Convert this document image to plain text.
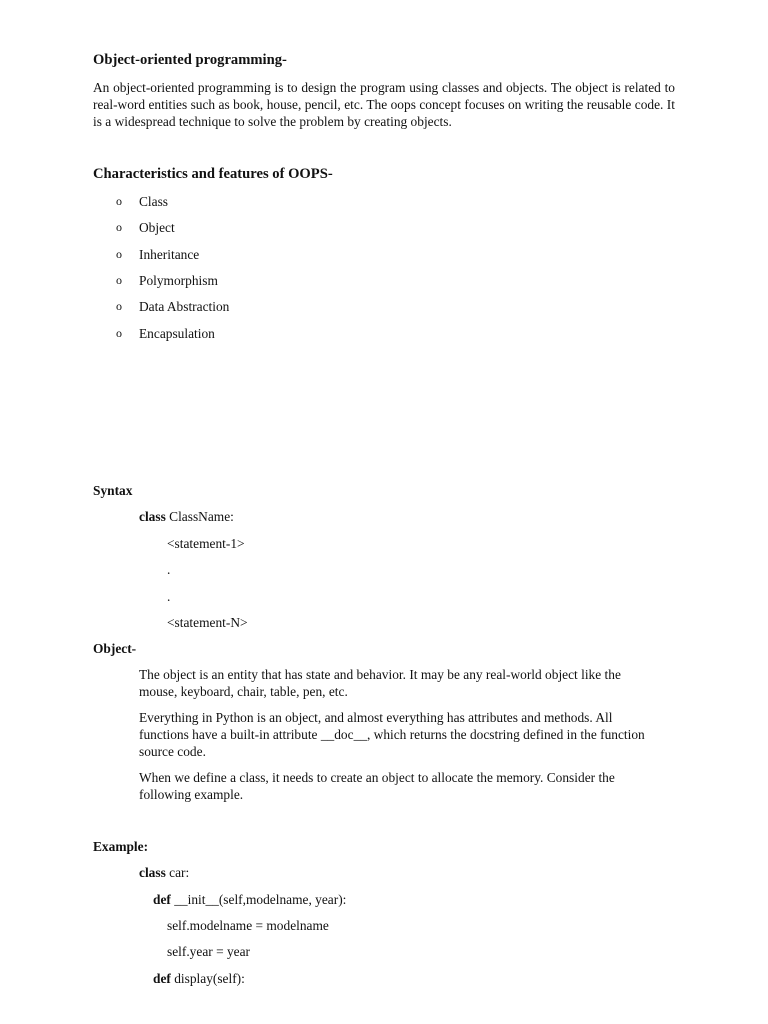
Object-oriented programming-
An object-oriented programming is to design the program using classes and objects. The object is related to real-word entities such as book, house, pencil, etc. The oops concept focuses on writing the reusable code. It is a widespread technique to solve the problem by creating objects.
Characteristics and features of OOPS-
o Class
o Object
o Inheritance
o Polymorphism
o Data Abstraction
o Encapsulation
Syntax
class ClassName:
<statement-1>
.
.
<statement-N>
Object-
The object is an entity that has state and behavior. It may be any real-world object like the mouse, keyboard, chair, table, pen, etc.
Everything in Python is an object, and almost everything has attributes and methods. All functions have a built-in attribute __doc__, which returns the docstring defined in the function source code.
When we define a class, it needs to create an object to allocate the memory. Consider the following example.
Example:
class car:
def __init__(self,modelname, year):
self.modelname = modelname
self.year = year
def display(self):
